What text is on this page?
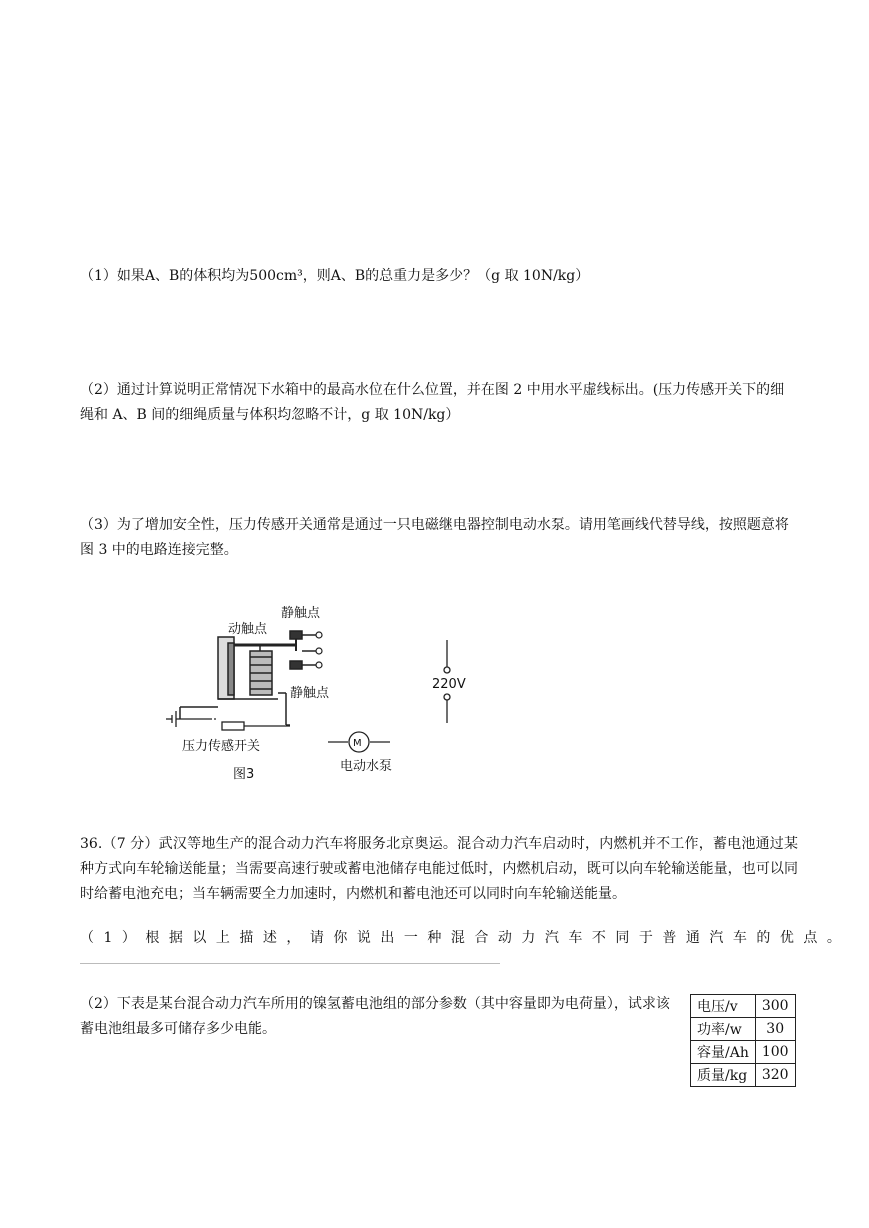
（1）如果A、B的体积均为500cm³，则A、B的总重力是多少？（g 取 10N/kg）
（2）通过计算说明正常情况下水箱中的最高水位在什么位置，并在图 2 中用水平虚线标出。(压力传感开关下的细绳和 A、B 间的细绳质量与体积均忽略不计，g 取 10N/kg）
（3）为了增加安全性，压力传感开关通常是通过一只电磁继电器控制电动水泵。请用笔画线代替导线，按照题意将图 3 中的电路连接完整。
静触点
动触点
静触点
220V
M
压力传感开关
电动水泵
图3
36.（7 分）武汉等地生产的混合动力汽车将服务北京奥运。混合动力汽车启动时，内燃机并不工作，蓄电池通过某种方式向车轮输送能量；当需要高速行驶或蓄电池储存电能过低时，内燃机启动，既可以向车轮输送能量，也可以同时给蓄电池充电；当车辆需要全力加速时，内燃机和蓄电池还可以同时向车轮输送能量。
（1）根据以上描述，请你说出一种混合动力汽车不同于普通汽车的优点。
（2）下表是某台混合动力汽车所用的镍氢蓄电池组的部分参数（其中容量即为电荷量），试求该蓄电池组最多可储存多少电能。
电压/v	300
功率/w	30
容量/Ah	100
质量/kg	320
